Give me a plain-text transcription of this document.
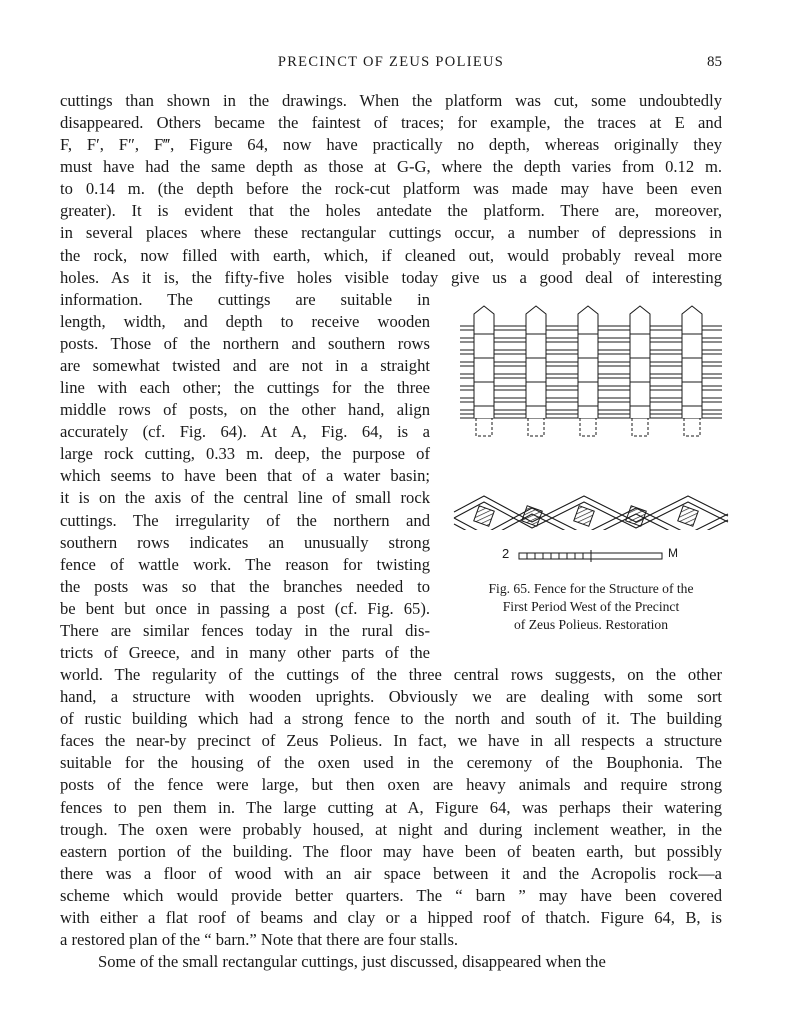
PRECINCT OF ZEUS POLIEUS	85
cuttings than shown in the drawings. When the platform was cut, some undoubtedly
disappeared. Others became the faintest of traces; for example, the traces at E and
F, F′, F″, F‴, Figure 64, now have practically no depth, whereas originally they
must have had the same depth as those at G-G, where the depth varies from 0.12 m.
to 0.14 m. (the depth before the rock-cut platform was made may have been even
greater). It is evident that the holes antedate the platform. There are, moreover,
in several places where these rectangular cuttings occur, a number of depressions in
the rock, now filled with earth, which, if cleaned out, would probably reveal more
holes. As it is, the fifty-five holes visible today give us a good deal of interesting
information. The cuttings are suitable in
length, width, and depth to receive wooden
posts. Those of the northern and southern rows
are somewhat twisted and are not in a straight
line with each other; the cuttings for the three
middle rows of posts, on the other hand, align
accurately (cf. Fig. 64). At A, Fig. 64, is a
large rock cutting, 0.33 m. deep, the purpose of
which seems to have been that of a water basin;
it is on the axis of the central line of small rock
cuttings. The irregularity of the northern and
southern rows indicates an unusually strong
fence of wattle work. The reason for twisting
the posts was so that the branches needed to
be bent but once in passing a post (cf. Fig. 65).
There are similar fences today in the rural dis-
tricts of Greece, and in many other parts of the
world. The regularity of the cuttings of the three central rows suggests, on the other
hand, a structure with wooden uprights. Obviously we are dealing with some sort
of rustic building which had a strong fence to the north and south of it. The building
faces the near-by precinct of Zeus Polieus. In fact, we have in all respects a structure
suitable for the housing of the oxen used in the ceremony of the Bouphonia. The
posts of the fence were large, but then oxen are heavy animals and require strong
fences to pen them in. The large cutting at A, Figure 64, was perhaps their watering
trough. The oxen were probably housed, at night and during inclement weather, in the
eastern portion of the building. The floor may have been of beaten earth, but possibly
there was a floor of wood with an air space between it and the Acropolis rock—a
scheme which would provide better quarters. The “ barn ” may have been covered
with either a flat roof of beams and clay or a hipped roof of thatch. Figure 64, B, is
a restored plan of the “ barn.” Note that there are four stalls.
Some of the small rectangular cuttings, just discussed, disappeared when the
2	M
Fig. 65. Fence for the Structure of the
First Period West of the Precinct
of Zeus Polieus. Restoration
